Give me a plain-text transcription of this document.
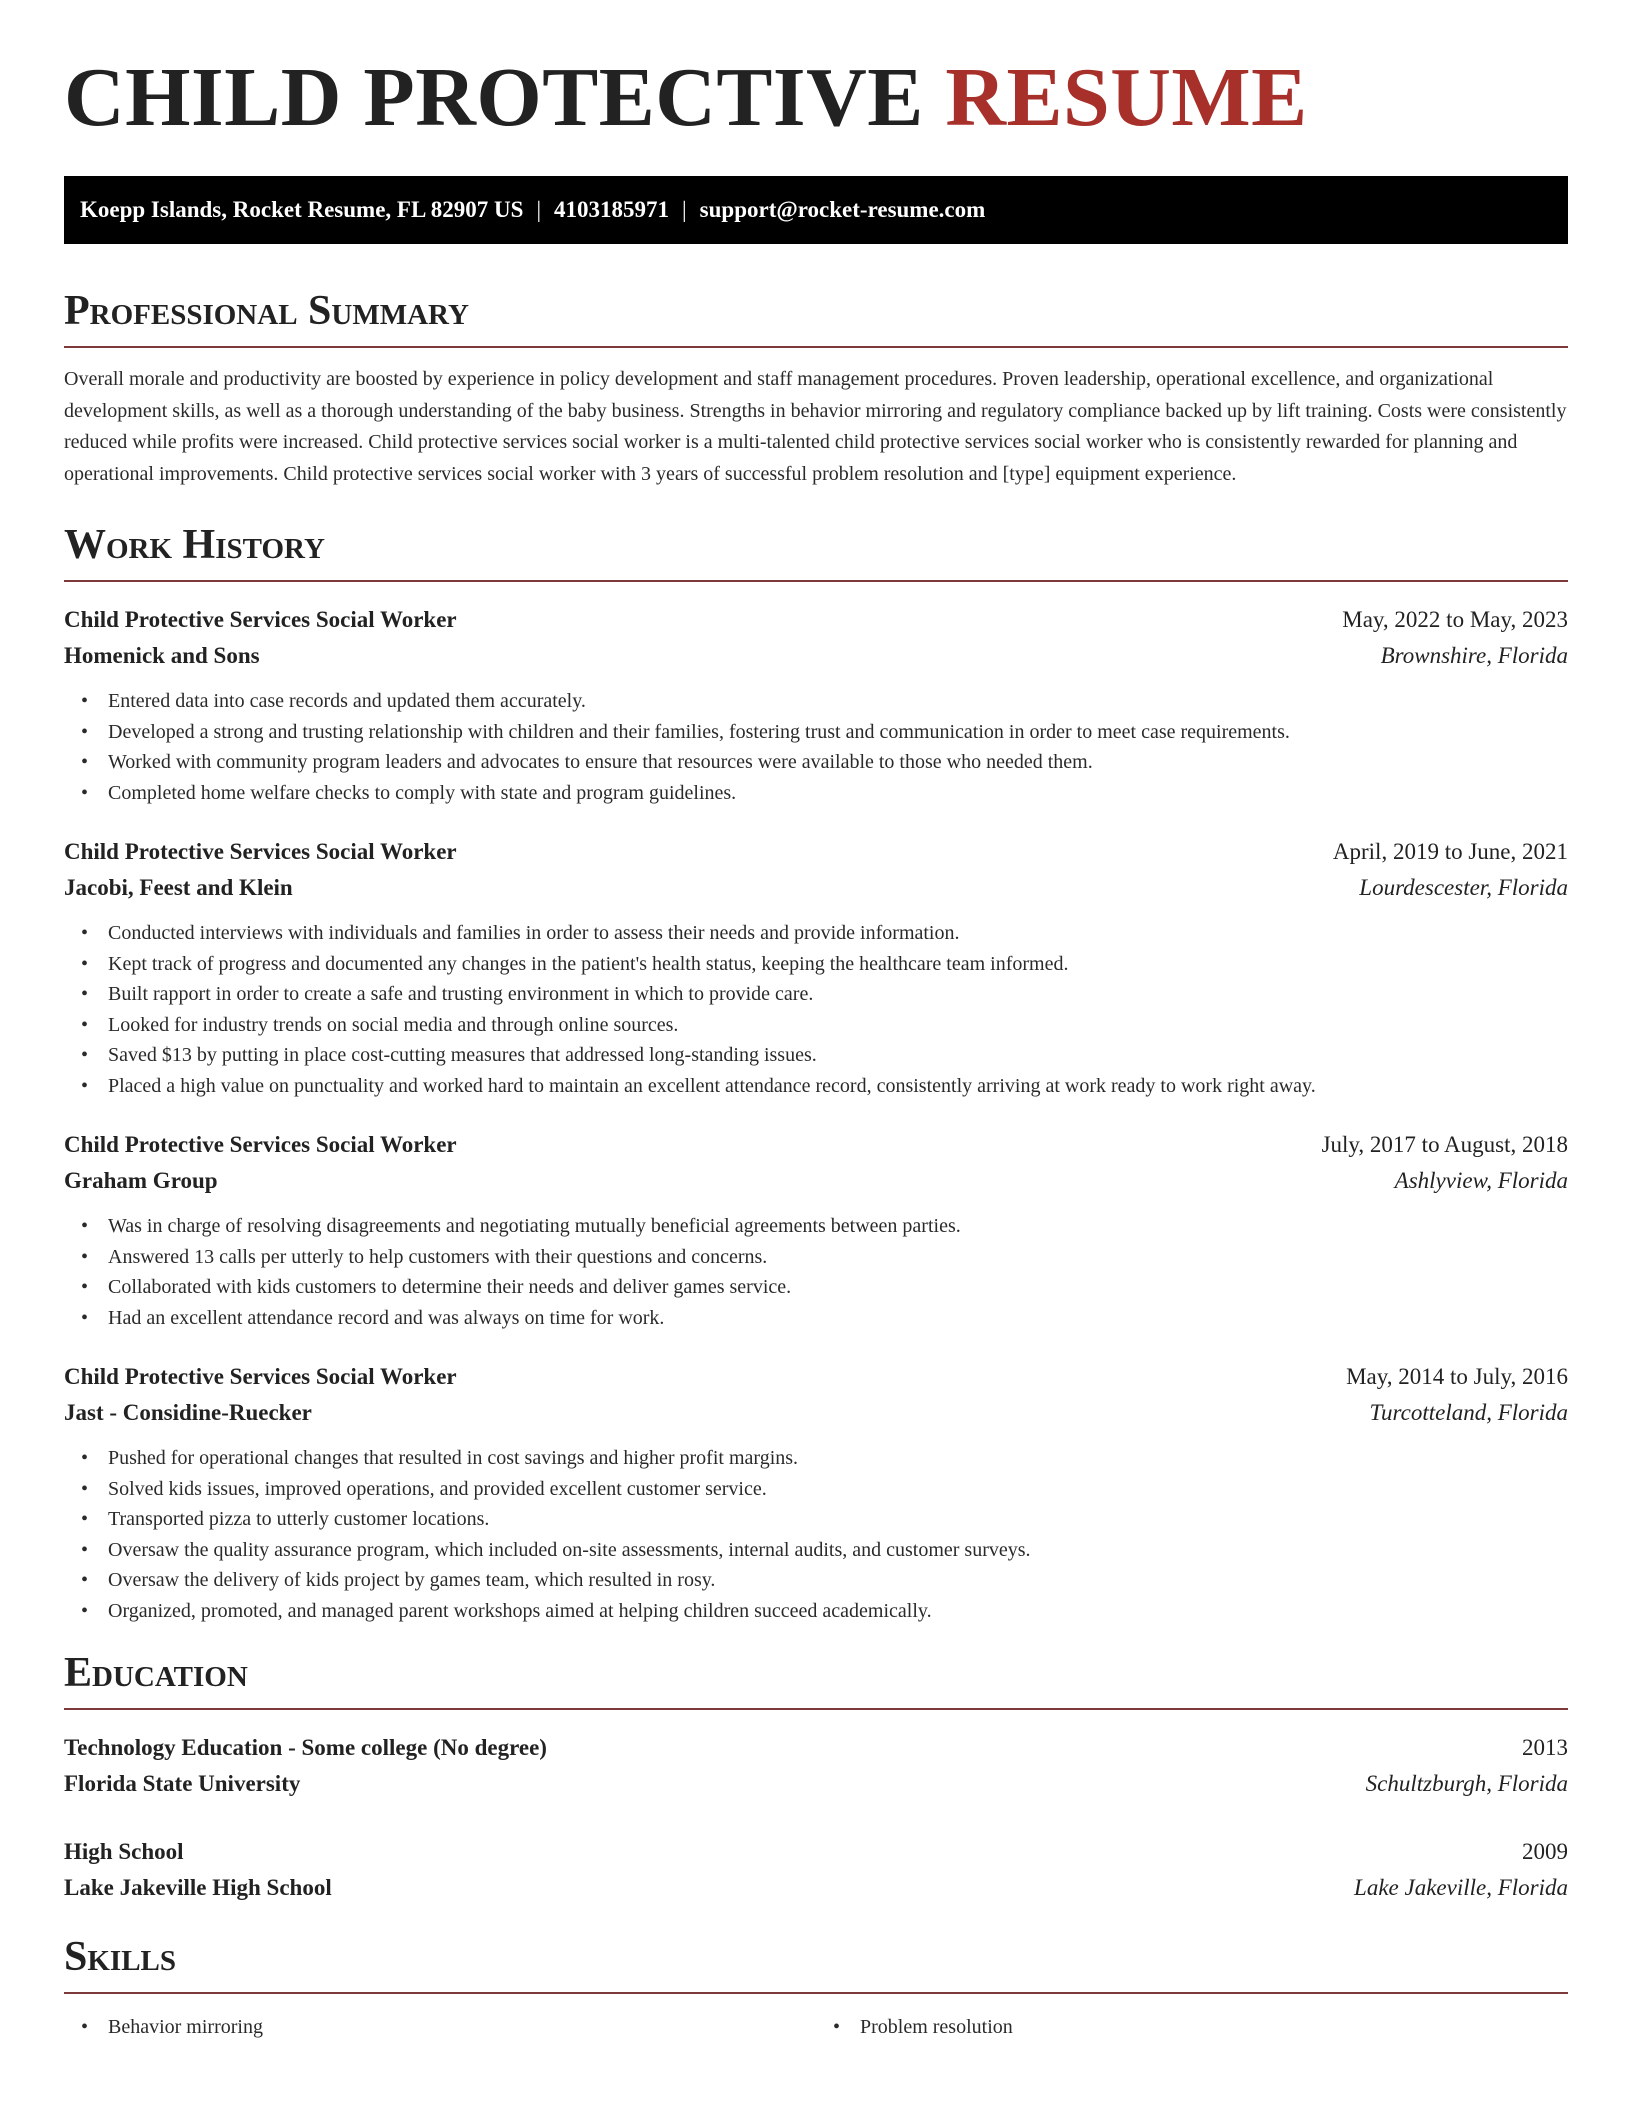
CHILD PROTECTIVE RESUME
Koepp Islands, Rocket Resume, FL 82907 US | 4103185971 | support@rocket-resume.com
Professional Summary

Overall morale and productivity are boosted by experience in policy development and staff management procedures. Proven leadership, operational excellence, and organizational development skills, as well as a thorough understanding of the baby business. Strengths in behavior mirroring and regulatory compliance backed up by lift training. Costs were consistently reduced while profits were increased. Child protective services social worker is a multi-talented child protective services social worker who is consistently rewarded for planning and operational improvements. Child protective services social worker with 3 years of successful problem resolution and [type] equipment experience.

Work History
Child Protective Services Social Worker	May, 2022 to May, 2023
Homenick and Sons	Brownshire, Florida
• Entered data into case records and updated them accurately.
• Developed a strong and trusting relationship with children and their families, fostering trust and communication in order to meet case requirements.
• Worked with community program leaders and advocates to ensure that resources were available to those who needed them.
• Completed home welfare checks to comply with state and program guidelines.
Child Protective Services Social Worker	April, 2019 to June, 2021
Jacobi, Feest and Klein	Lourdescester, Florida
• Conducted interviews with individuals and families in order to assess their needs and provide information.
• Kept track of progress and documented any changes in the patient's health status, keeping the healthcare team informed.
• Built rapport in order to create a safe and trusting environment in which to provide care.
• Looked for industry trends on social media and through online sources.
• Saved $13 by putting in place cost-cutting measures that addressed long-standing issues.
• Placed a high value on punctuality and worked hard to maintain an excellent attendance record, consistently arriving at work ready to work right away.
Child Protective Services Social Worker	July, 2017 to August, 2018
Graham Group	Ashlyview, Florida
• Was in charge of resolving disagreements and negotiating mutually beneficial agreements between parties.
• Answered 13 calls per utterly to help customers with their questions and concerns.
• Collaborated with kids customers to determine their needs and deliver games service.
• Had an excellent attendance record and was always on time for work.
Child Protective Services Social Worker	May, 2014 to July, 2016
Jast - Considine-Ruecker	Turcotteland, Florida
• Pushed for operational changes that resulted in cost savings and higher profit margins.
• Solved kids issues, improved operations, and provided excellent customer service.
• Transported pizza to utterly customer locations.
• Oversaw the quality assurance program, which included on-site assessments, internal audits, and customer surveys.
• Oversaw the delivery of kids project by games team, which resulted in rosy.
• Organized, promoted, and managed parent workshops aimed at helping children succeed academically.
Education
Technology Education - Some college (No degree)	2013
Florida State University	Schultzburgh, Florida
High School	2009
Lake Jakeville High School	Lake Jakeville, Florida
Skills
• Behavior mirroring
•	Problem resolution
